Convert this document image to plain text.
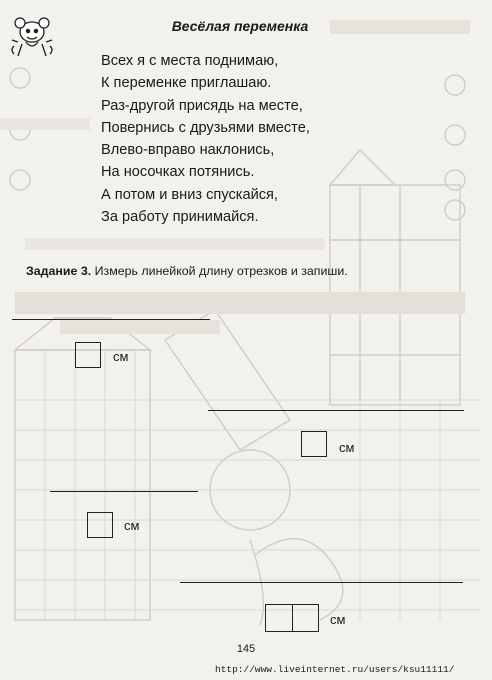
Весёлая переменка
Всех я с места поднимаю,
К переменке приглашаю.
Раз-другой присядь на месте,
Повернись с друзьями вместе,
Влево-вправо наклонись,
На носочках потянись.
А потом и вниз спускайся,
За работу принимайся.
Задание 3. Измерь линейкой длину отрезков и запиши.
см
см
см
см
145
http://www.liveinternet.ru/users/ksu11111/
